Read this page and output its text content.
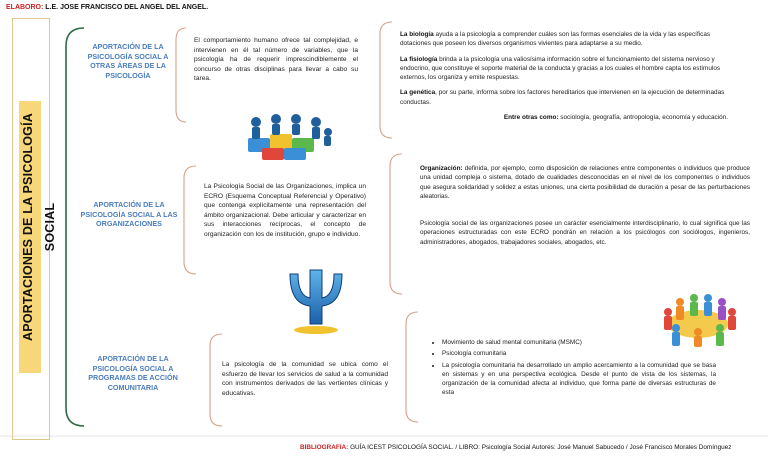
ELABORO: L.E. JOSE FRANCISCO DEL ANGEL DEL ANGEL.
APORTACIONES DE LA PSICOLOGÍA SOCIAL
APORTACIÓN DE LA PSICOLOGÍA SOCIAL A OTRAS ÁREAS DE LA PSICOLOGÍA
El comportamiento humano ofrece tal complejidad, e intervienen en él tal número de variables, que la psicología ha de requerir imprescindiblemente el concurso de otras disciplinas para llevar a cabo su tarea.
La biología ayuda a la psicología a comprender cuáles son las formas esenciales de la vida y las específicas dotaciones que poseen los diversos organismos vivientes para adaptarse a su medio.
La fisiología brinda a la psicología una valiosísima información sobre el funcionamiento del sistema nervioso y endocrino, que constituye el soporte material de la conducta y gracias a los cuales el hombre capta los estímulos externos, los organiza y emite respuestas.
La genética, por su parte, informa sobre los factores hereditarios que intervienen en la ejecución de determinadas conductas.
Entre otras como: sociología, geografía, antropología, economía y educación.
APORTACIÓN DE LA PSICOLOGÍA SOCIAL A LAS ORGANIZACIONES
La Psicología Social de las Organizaciones, implica un ECRO (Esquema Conceptual Referencial y Operativo) que contenga explícitamente una representación del ámbito organizacional. Debe articular y caracterizar en sus interacciones recíprocas, el concepto de organización con los de institución, grupo e individuo.
Organización: definida, por ejemplo, como disposición de relaciones entre componentes o individuos que produce una unidad compleja o sistema, dotado de cualidades desconocidas en el nivel de los componentes o individuos que asegura solidaridad y solidez a estas uniones, una cierta posibilidad de duración a pesar de las perturbaciones aleatorias.
Psicología social de las organizaciones posee un carácter esencialmente interdisciplinario, lo cual significa que las operaciones estructuradas con este ECRO pondrán en relación a los psicólogos con sociólogos, ingenieros, administradores, abogados, trabajadores sociales, abogados, etc.
APORTACIÓN DE LA PSICOLOGÍA SOCIAL A PROGRAMAS DE ACCIÓN COMUNITARIA
La psicología de la comunidad se ubica como el esfuerzo de llevar los servicios de salud a la comunidad con instrumentos derivados de las vertientes clínicas y educativas.
• Movimiento de salud mental comunitaria (MSMC)
• Psicología comunitaria
• La psicología comunitaria ha desarrollado un amplio acercamiento a la comunidad que se basa en sistemas y en una perspectiva ecológica. Desde el punto de vista de los sistemas, la organización de la comunidad afecta al individuo, que forma parte de diversas estructuras de esta
BIBLIOGRAFIA: GUÍA ICEST PSICOLOGÍA SOCIAL. / LIBRO: Psicología Social Autores: José Manuel Sabucedo / José Francisco Morales Domínguez
